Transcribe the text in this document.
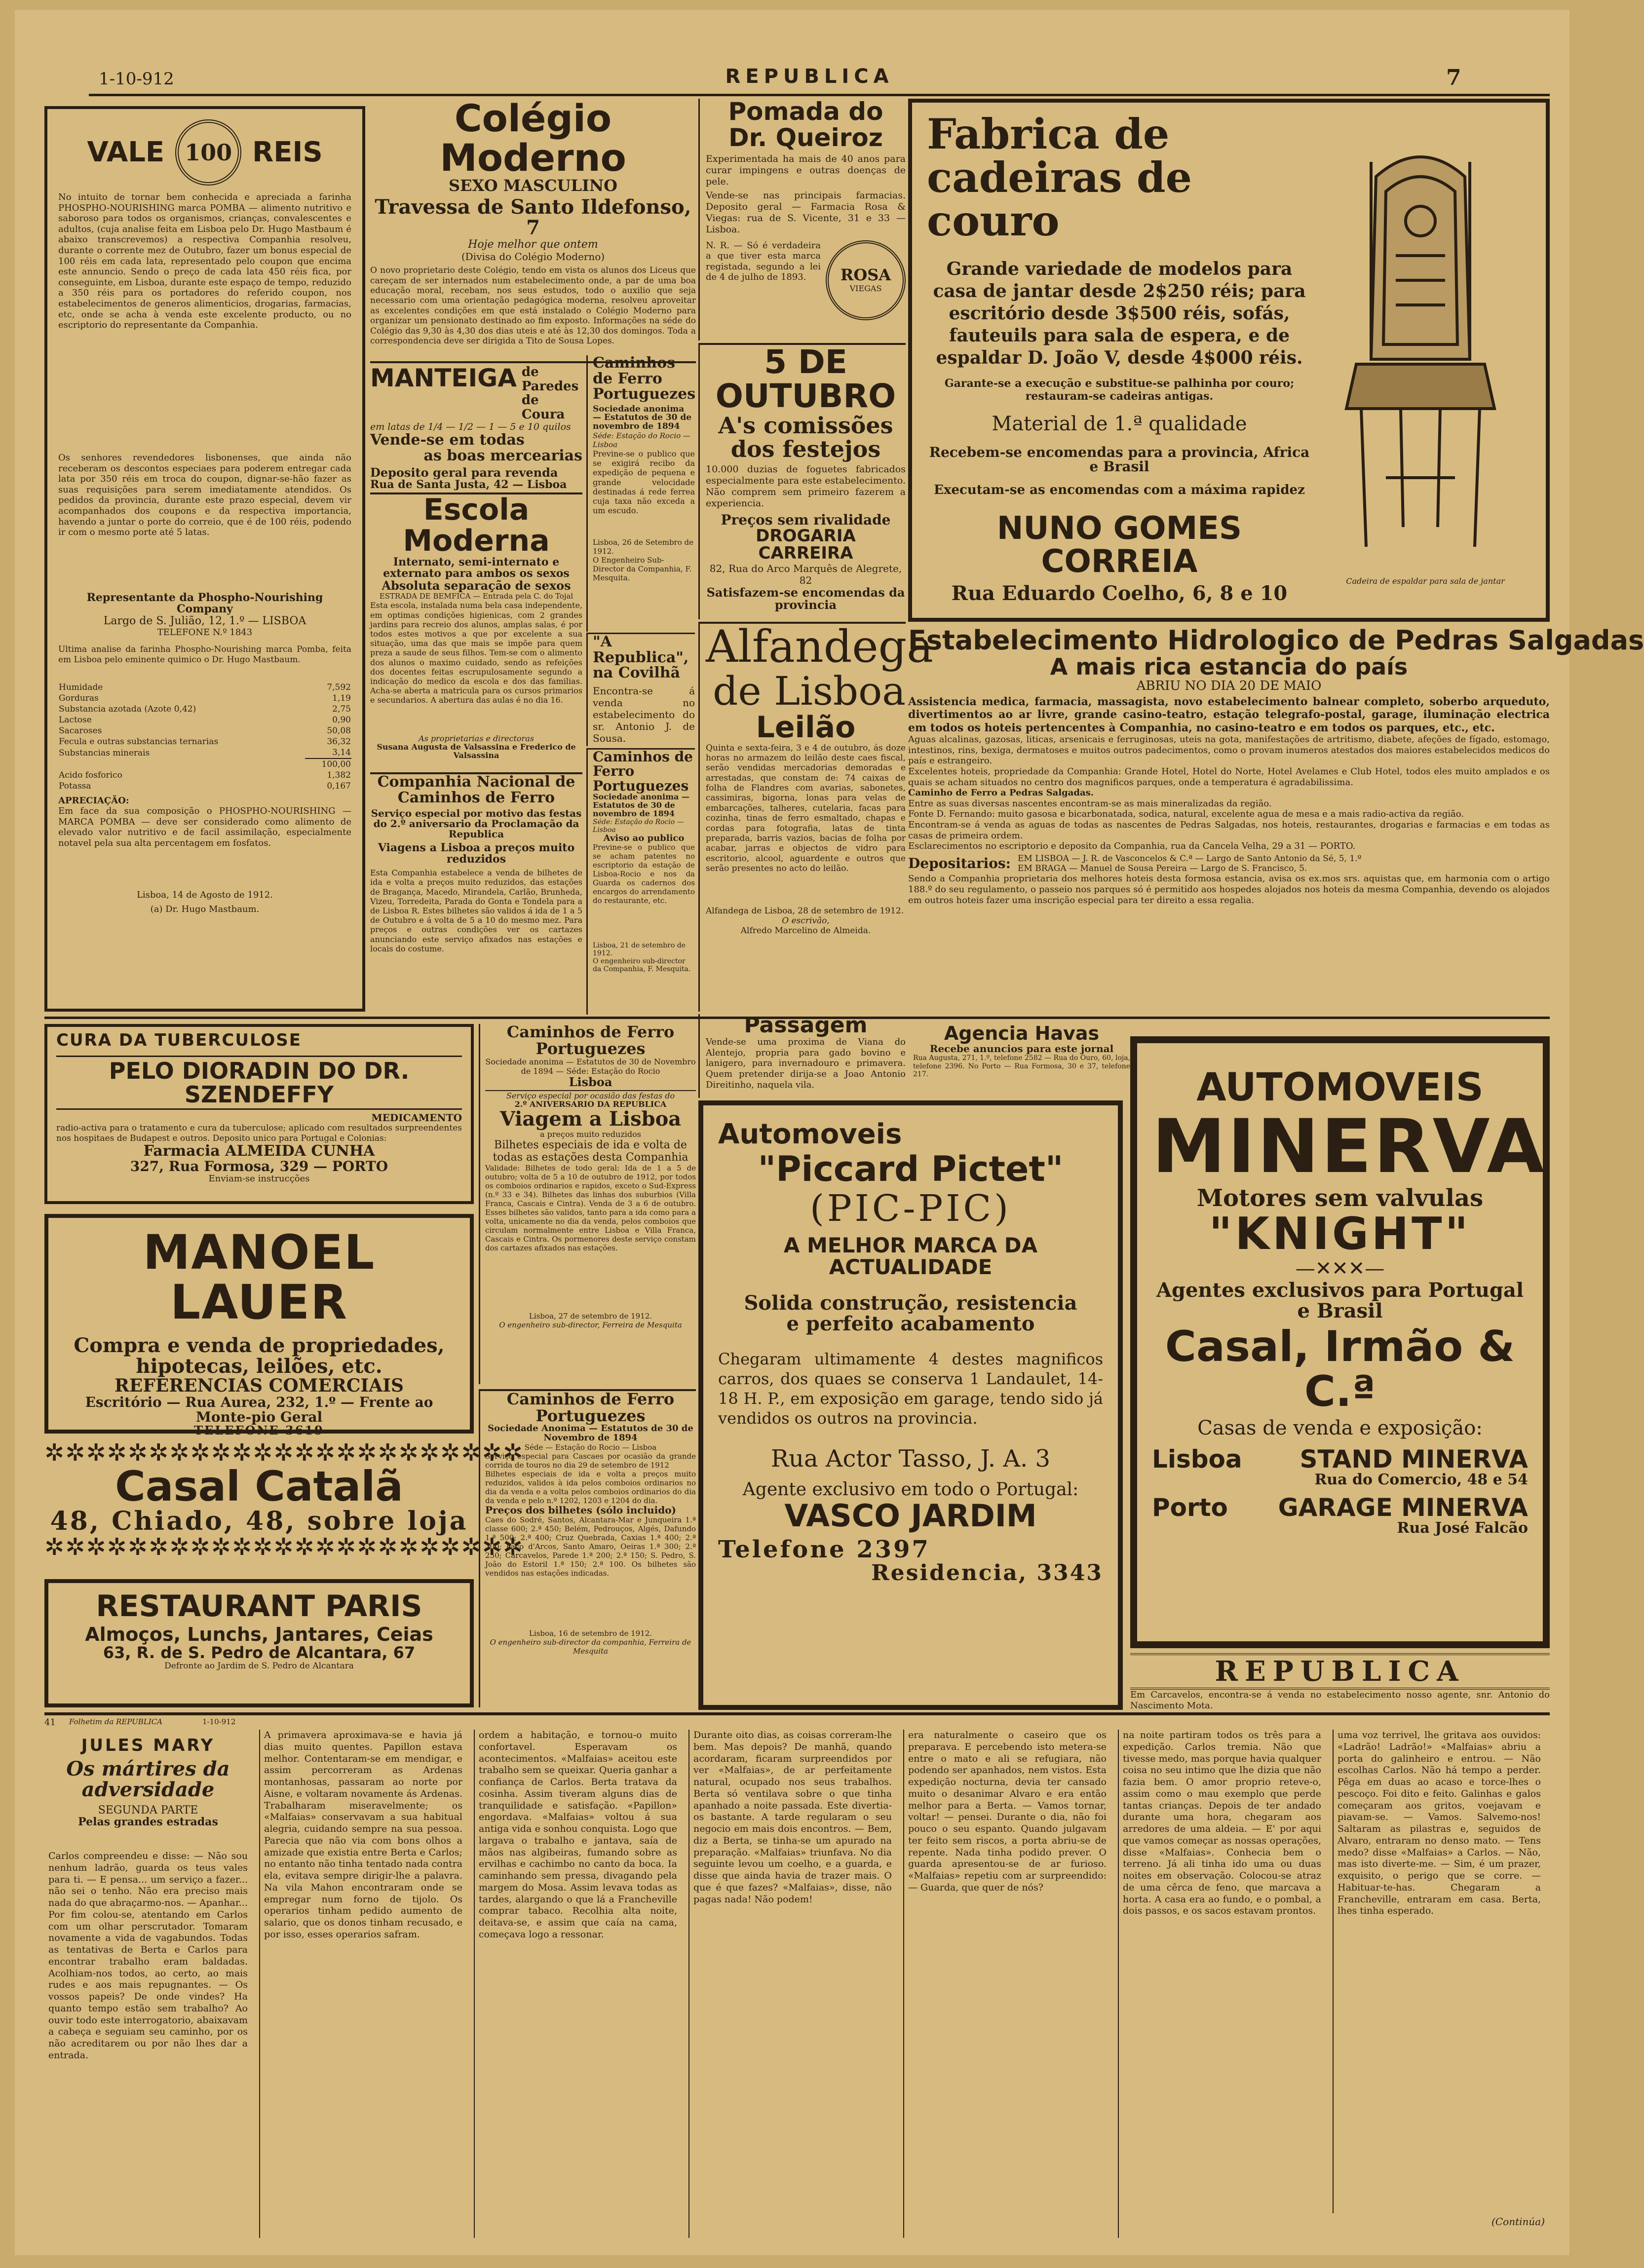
1-10-912	REPUBLICA	7
VALE 100 REIS
No intuito de tornar bem conhecida e apreciada a farinha PHOSPHO-NOURISHING marca POMBA — alimento nutritivo e saboroso para todos os organismos, crianças, convalescentes e adultos, (cuja analise feita em Lisboa pelo Dr. Hugo Mastbaum é abaixo transcrevemos) a respectiva Companhia resolveu, durante o corrente mez de Outubro, fazer um bonus especial de 100 réis em cada lata, representado pelo coupon que encima este annuncio. Sendo o preço de cada lata 450 réis fica, por conseguinte, em Lisboa, durante este espaço de tempo, reduzido a 350 réis para os portadores do referido coupon, nos estabelecimentos de generos alimenticios, drogarias, farmacias, etc, onde se acha à venda este excelente producto, ou no escriptorio do representante da Companhia.
Os senhores revendedores lisbonenses, que ainda não receberam os descontos especiaes para poderem entregar cada lata por 350 réis em troca do coupon, dignar-se-hão fazer as suas requisições para serem imediatamente atendidos. Os pedidos da provincia, durante este prazo especial, devem vir acompanhados dos coupons e da respectiva importancia, havendo a juntar o porte do correio, que é de 100 réis, podendo ir com o mesmo porte até 5 latas.
Representante da Phospho-Nourishing Company
Largo de S. Julião, 12, 1.º — LISBOA
TELEFONE N.º 1843
Ultima analise da farinha Phospho-Nourishing marca Pomba, feita em Lisboa pelo eminente quimico o Dr. Hugo Mastbaum.
Humidade	7,592
Gorduras	1,19
Substancia azotada (Azote 0,42)	2,75
Lactose	0,90
Sacaroses	50,08
Fecula e outras substancias ternarias	36,32
Substancias minerais	3,14
	100,00
Acido fosforico	1,382
Potassa	0,167
APRECIAÇÃO:
Em face da sua composição o PHOSPHO-NOURISHING — MARCA POMBA — deve ser considerado como alimento de elevado valor nutritivo e de facil assimilação, especialmente notavel pela sua alta percentagem em fosfatos.
Lisboa, 14 de Agosto de 1912.
(a) Dr. Hugo Mastbaum.
Colégio Moderno
SEXO MASCULINO
Travessa de Santo Ildefonso, 7
Hoje melhor que ontem
(Divisa do Colégio Moderno)
O novo proprietario deste Colégio, tendo em vista os alunos dos Liceus que careçam de ser internados num estabelecimento onde, a par de uma boa educação moral, recebam, nos seus estudos, todo o auxilio que seja necessario com uma orientação pedagógica moderna, resolveu aproveitar as excelentes condições em que está instalado o Colégio Moderno para organizar um pensionato destinado ao fim exposto. Informações na séde do Colégio das 9,30 às 4,30 dos dias uteis e até às 12,30 dos domingos. Toda a correspondencia deve ser dirigida a Tito de Sousa Lopes.
MANTEIGA de Paredes de Coura
em latas de 1/4 — 1/2 — 1 — 5 e 10 quilos
Vende-se em todas
as boas mercearias
Deposito geral para revenda
Rua de Santa Justa, 42 — Lisboa
Caminhos de Ferro Portuguezes
Sociedade anonima — Estatutos de 30 de novembro de 1894
Séde: Estação do Rocio — Lisboa
Previne-se o publico que se exigirá recibo da expedição de pequena e grande velocidade destinadas á rede ferrea cuja taxa não exceda a um escudo.
Lisboa, 26 de Setembro de 1912.
O Engenheiro Sub-Director da Companhia, F. Mesquita.
Escola Moderna
Internato, semi-internato e externato para ambos os sexos
Absoluta separação de sexos
ESTRADA DE BEMFICA — Entrada pela C. do Tojal
Esta escola, instalada numa bela casa independente, em optimas condições higienicas, com 2 grandes jardins para recreio dos alunos, amplas salas, é por todos estes motivos a que por excelente a sua situação, uma das que mais se impõe para quem preza a saude de seus filhos. Tem-se com o alimento dos alunos o maximo cuidado, sendo as refeições dos docentes feitas escrupulosamente segundo a indicação do medico da escola e dos das familias. Acha-se aberta a matricula para os cursos primarios e secundarios. A abertura das aulas é no dia 16.
As proprietarias e directoras
Susana Augusta de Valsassina e Frederico de Valsassina
"A Republica", na Covilhã
Encontra-se á venda no estabelecimento do sr. Antonio J. de Sousa.
Companhia Nacional de Caminhos de Ferro
Serviço especial por motivo das festas do 2.º aniversario da Proclamação da Republica
Viagens a Lisboa a preços muito reduzidos
Esta Companhia estabelece a venda de bilhetes de ida e volta a preços muito reduzidos, das estações de Bragança, Macedo, Mirandela, Carlão, Brunheda, Vizeu, Torredeita, Parada do Gonta e Tondela para a de Lisboa R. Estes bilhetes são validos á ida de 1 a 5 de Outubro e á volta de 5 a 10 do mesmo mez. Para preços e outras condições ver os cartazes anunciando este serviço afixados nas estações e locais do costume.
Caminhos de Ferro Portuguezes
Sociedade anonima — Estatutos de 30 de novembro de 1894
Séde: Estação do Rocio — Lisboa
Aviso ao publico
Previne-se o publico que se acham patentes no escriptorio da estação de Lisboa-Rocio e nos da Guarda os cadernos dos encargos do arrendamento do restaurante, etc.
Lisboa, 21 de setembro de 1912.
O engenheiro sub-director da Companhia, F. Mesquita.
Pomada do Dr. Queiroz
Experimentada ha mais de 40 anos para curar impingens e outras doenças de pele.
Vende-se nas principais farmacias. Deposito geral — Farmacia Rosa & Viegas: rua de S. Vicente, 31 e 33 — Lisboa.
N. R. — Só é verdadeira a que tiver esta marca registada, segundo a lei de 4 de julho de 1893.	ROSA
VIEGAS
5 DE OUTUBRO
A's comissões dos festejos
10.000 duzias de foguetes fabricados especialmente para este estabelecimento. Não comprem sem primeiro fazerem a experiencia.
Preços sem rivalidade
DROGARIA CARREIRA
82, Rua do Arco Marquês de Alegrete, 82
Satisfazem-se encomendas da provincia
Alfandega
de Lisboa
Leilão
Quinta e sexta-feira, 3 e 4 de outubro, ás doze horas no armazem do leilão deste caes fiscal, serão vendidas mercadorias demoradas e arrestadas, que constam de: 74 caixas de folha de Flandres com avarias, sabonetes, cassimiras, bigorna, lonas para velas de embarcações, talheres, cutelaria, facas para cozinha, tinas de ferro esmaltado, chapas e cordas para fotografia, latas de tinta preparada, barris vazios, bacias de folha por acabar, jarras e objectos de vidro para escritorio, alcool, aguardente e outros que serão presentes no acto do leilão.
Alfandega de Lisboa, 28 de setembro de 1912.
O escrivão,
Alfredo Marcelino de Almeida.
Fabrica de cadeiras de couro
Grande variedade de modelos para casa de jantar desde 2$250 réis; para escritório desde 3$500 réis, sofás, fauteuils para sala de espera, e de espaldar D. João V, desde 4$000 réis.
Garante-se a execução e substitue-se palhinha por couro; restauram-se cadeiras antigas.
Material de 1.ª qualidade
Recebem-se encomendas para a provincia, Africa e Brasil
Executam-se as encomendas com a máxima rapidez
NUNO GOMES CORREIA
Rua Eduardo Coelho, 6, 8 e 10
Cadeira de espaldar para sala de jantar
Estabelecimento Hidrologico de Pedras Salgadas
A mais rica estancia do país
ABRIU NO DIA 20 DE MAIO
Assistencia medica, farmacia, massagista, novo estabelecimento balnear completo, soberbo arqueduto, divertimentos ao ar livre, grande casino-teatro, estação telegrafo-postal, garage, iluminação electrica em todos os hoteis pertencentes à Companhia, no casino-teatro e em todos os parques, etc., etc.
Aguas alcalinas, gazosas, liticas, arsenicais e ferruginosas, uteis na gota, manifestações de artritismo, diabete, afeções de fígado, estomago, intestinos, rins, bexiga, dermatoses e muitos outros padecimentos, como o provam inumeros atestados dos maiores estabelecidos medicos do país e estrangeiro.
Excelentes hoteis, propriedade da Companhia: Grande Hotel, Hotel do Norte, Hotel Avelames e Club Hotel, todos eles muito amplados e os quais se acham situados no centro dos magnificos parques, onde a temperatura é agradabilissima.
Caminho de Ferro a Pedras Salgadas.
Entre as suas diversas nascentes encontram-se as mais mineralizadas da região.
Fonte D. Fernando: muito gasosa e bicarbonatada, sodica, natural, excelente agua de mesa e a mais radio-activa da região.
Encontram-se á venda as aguas de todas as nascentes de Pedras Salgadas, nos hoteis, restaurantes, drogarias e farmacias e em todas as casas de primeira ordem.
Esclarecimentos no escriptorio e deposito da Companhia, rua da Cancela Velha, 29 a 31 — PORTO.
Depositarios: EM LISBOA — J. R. de Vasconcelos & C.ª — Largo de Santo Antonio da Sé, 5, 1.º
EM BRAGA — Manuel de Sousa Pereira — Largo de S. Francisco, 5.
Sendo a Companhia proprietaria dos melhores hoteis desta formosa estancia, avisa os ex.mos srs. aquistas que, em harmonia com o artigo 188.º do seu regulamento, o passeio nos parques só é permitido aos hospedes alojados nos hoteis da mesma Companhia, devendo os alojados em outros hoteis fazer uma inscrição especial para ter direito a essa regalia.
CURA DA TUBERCULOSE
PELO DIORADIN DO DR. SZENDEFFY
MEDICAMENTO
radio-activa para o tratamento e cura da tuberculose; aplicado com resultados surpreendentes nos hospitaes de Budapest e outros. Deposito unico para Portugal e Colonias:
Farmacia ALMEIDA CUNHA
327, Rua Formosa, 329 — PORTO
Enviam-se instrucções
MANOEL LAUER
Compra e venda de propriedades,
hipotecas, leilões, etc.
REFERENCIAS COMERCIAIS
Escritório — Rua Aurea, 232, 1.º — Frente ao Monte-pio Geral
TELEFONE 3619
✲✲✲✲✲✲✲✲✲✲✲✲✲✲✲✲✲✲✲✲✲✲✲
Casal Catalã
48, Chiado, 48, sobre loja
✲✲✲✲✲✲✲✲✲✲✲✲✲✲✲✲✲✲✲✲✲✲✲
RESTAURANT PARIS
Almoços, Lunchs, Jantares, Ceias
63, R. de S. Pedro de Alcantara, 67
Defronte ao Jardim de S. Pedro de Alcantara
Caminhos de Ferro Portuguezes
Sociedade anonima — Estatutos de 30 de Novembro de 1894 — Séde: Estação do Rocio
Lisboa
Serviço especial por ocasião das festas do
2.º ANIVERSARIO DA REPUBLICA
Viagem a Lisboa
a preços muito reduzidos
Bilhetes especiais de ida e volta de todas as estações desta Companhia
Validade: Bilhetes de todo geral: Ida de 1 a 5 de outubro; volta de 5 a 10 de outubro de 1912, por todos os comboios ordinarios e rapidos, exceto o Sud-Express (n.º 33 e 34). Bilhetes das linhas dos suburbios (Villa Franca, Cascais e Cintra). Venda de 3 a 6 de outubro. Esses bilhetes são validos, tanto para a ida como para a volta, unicamente no dia da venda, pelos comboios que circulam normalmente entre Lisboa e Villa Franca, Cascais e Cintra. Os pormenores deste serviço constam dos cartazes afixados nas estações.
Lisboa, 27 de setembro de 1912.
O engenheiro sub-director, Ferreira de Mesquita
Caminhos de Ferro Portuguezes
Sociedade Anonima — Estatutos de 30 de Novembro de 1894
Séde — Estação do Rocio — Lisboa
Serviço especial para Cascaes por ocasião da grande corrida de touros no dia 29 de setembro de 1912
Bilhetes especiais de ida e volta a preços muito reduzidos, validos à ida pelos comboios ordinarios no dia da venda e a volta pelos comboios ordinarios do dia da venda e pelo n.º 1202, 1203 e 1204 do dia.
Preços dos bilhetes (sólo incluido)
Caes do Sodré, Santos, Alcantara-Mar e Junqueira 1.ª classe 600; 2.ª 450; Belém, Pedrouços, Algés, Dafundo 1.ª 500; 2.ª 400; Cruz Quebrada, Caxias 1.ª 400; 2.ª 300; Paço d'Arcos, Santo Amaro, Oeiras 1.ª 300; 2.ª 250; Carcavelos, Parede 1.ª 200; 2.ª 150; S. Pedro, S. João do Estoril 1.ª 150; 2.ª 100. Os bilhetes são vendidos nas estações indicadas.
Lisboa, 16 de setembro de 1912.
O engenheiro sub-director da companhia, Ferreira de Mesquita
Passagem
Vende-se uma proxima de Viana do Alentejo, propria para gado bovino e lanigero, para invernadouro e primavera. Quem pretender dirija-se a Joao Antonio Direitinho, naquela vila.
Agencia Havas
Recebe anuncios para este jornal
Rua Augusta, 271, 1.º, telefone 2582 — Rua do Ouro, 60, loja, telefone 2396. No Porto — Rua Formosa, 30 e 37, telefone 217.
Automoveis
"Piccard Pictet"
(PIC-PIC)
A MELHOR MARCA DA ACTUALIDADE
Solida construção, resistencia
e perfeito acabamento
Chegaram ultimamente 4 destes magnificos carros, dos quaes se conserva 1 Landaulet, 14-18 H. P., em exposição em garage, tendo sido já vendidos os outros na provincia.
Rua Actor Tasso, J. A. 3
Agente exclusivo em todo o Portugal:
VASCO JARDIM
Telefone 2397
Residencia, 3343
AUTOMOVEIS
MINERVA
Motores sem valvulas
"KNIGHT"
—✕✕✕—
Agentes exclusivos para Portugal e Brasil
Casal, Irmão & C.ª
Casas de venda e exposição:
Lisboa STAND MINERVA
Rua do Comercio, 48 e 54
Porto GARAGE MINERVA
Rua José Falcão
REPUBLICA
Em Carcavelos, encontra-se á venda no estabelecimento nosso agente, snr. Antonio do Nascimento Mota.
41	Folhetim da REPUBLICA	1-10-912
JULES MARY
Os mártires da adversidade
SEGUNDA PARTE
Pelas grandes estradas
Carlos compreendeu e disse: — Não sou nenhum ladrão, guarda os teus vales para ti. — E pensa... um serviço a fazer... não sei o tenho. Não era preciso mais nada do que abraçarmo-nos. — Apanhar... Por fim colou-se, atentando em Carlos com um olhar perscrutador. Tomaram novamente a vida de vagabundos. Todas as tentativas de Berta e Carlos para encontrar trabalho eram baldadas. Acolhiam-nos todos, ao certo, ao mais rudes e aos mais repugnantes. — Os vossos papeis? De onde vindes? Ha quanto tempo estão sem trabalho? Ao ouvir todo este interrogatorio, abaixavam a cabeça e seguiam seu caminho, por os não acreditarem ou por não lhes dar a entrada.
A primavera aproximava-se e havia já dias muito quentes. Papillon estava melhor. Contentaram-se em mendigar, e assim percorreram as Ardenas montanhosas, passaram ao norte por Aisne, e voltaram novamente ás Ardenas. Trabalharam miseravelmente; os «Malfaias» conservavam a sua habitual alegria, cuidando sempre na sua pessoa. Parecia que não via com bons olhos a amizade que existia entre Berta e Carlos; no entanto não tinha tentado nada contra ela, evitava sempre dirigir-lhe a palavra. Na vila Mahon encontraram onde se empregar num forno de tijolo. Os operarios tinham pedido aumento de salario, que os donos tinham recusado, e por isso, esses operarios safram.
ordem a habitação, e tornou-o muito confortavel. Esperavam os acontecimentos. «Malfaias» aceitou este trabalho sem se queixar. Queria ganhar a confiança de Carlos. Berta tratava da cosinha. Assim tiveram alguns dias de tranquilidade e satisfação. «Papillon» engordava. «Malfaias» voltou á sua antiga vida e sonhou conquista. Logo que largava o trabalho e jantava, saía de mãos nas algibeiras, fumando sobre as ervilhas e cachimbo no canto da boca. Ia caminhando sem pressa, divagando pela margem do Mosa. Assim levava todas as tardes, alargando o que lá a Francheville comprar tabaco. Recolhia alta noite, deitava-se, e assim que caía na cama, começava logo a ressonar.
Durante oito dias, as coisas correram-lhe bem. Mas depois? De manhã, quando acordaram, ficaram surpreendidos por ver «Malfaias», de ar perfeitamente natural, ocupado nos seus trabalhos. Berta só ventilava sobre o que tinha apanhado a noite passada. Este divertia-os bastante. A tarde regularam o seu negocio em mais dois encontros. — Bem, diz a Berta, se tinha-se um apurado na preparação. «Malfaias» triunfava. No dia seguinte levou um coelho, e a guarda, e disse que ainda havia de trazer mais. O que é que fazes? «Malfaias», disse, não pagas nada! Não podem!
era naturalmente o caseiro que os preparava. E percebendo isto metera-se entre o mato e ali se refugiara, não podendo ser apanhados, nem vistos. Esta expedição nocturna, devia ter cansado muito o desanimar Alvaro e era então melhor para a Berta. — Vamos tornar, voltar! — pensei. Durante o dia, não foi pouco o seu espanto. Quando julgavam ter feito sem riscos, a porta abriu-se de repente. Nada tinha podido prever. O guarda apresentou-se de ar furioso. «Malfaias» repetiu com ar surpreendido: — Guarda, que quer de nós?
na noite partiram todos os três para a expedição. Carlos tremia. Não que tivesse medo, mas porque havia qualquer coisa no seu intimo que lhe dizia que não fazia bem. O amor proprio reteve-o, assim como o mau exemplo que perde tantas crianças. Depois de ter andado durante uma hora, chegaram aos arredores de uma aldeia. — E' por aqui que vamos começar as nossas operações, disse «Malfaias». Conhecia bem o terreno. Já ali tinha ido uma ou duas noites em observação. Colocou-se atraz de uma cêrca de feno, que marcava a horta. A casa era ao fundo, e o pombal, a dois passos, e os sacos estavam prontos.
uma voz terrivel, lhe gritava aos ouvidos: «Ladrão! Ladrão!» «Malfaias» abriu a porta do galinheiro e entrou. — Não escolhas Carlos. Não há tempo a perder. Pêga em duas ao acaso e torce-lhes o pescoço. Foi dito e feito. Galinhas e galos começaram aos gritos, voejavam e piavam-se. — Vamos. Salvemo-nos! Saltaram as pilastras e, seguidos de Alvaro, entraram no denso mato. — Tens medo? disse «Malfaias» a Carlos. — Não, mas isto diverte-me. — Sim, é um prazer, exquisito, o perigo que se corre. — Habituar-te-has. Chegaram a Francheville, entraram em casa. Berta, lhes tinha esperado.
(Continúa)
